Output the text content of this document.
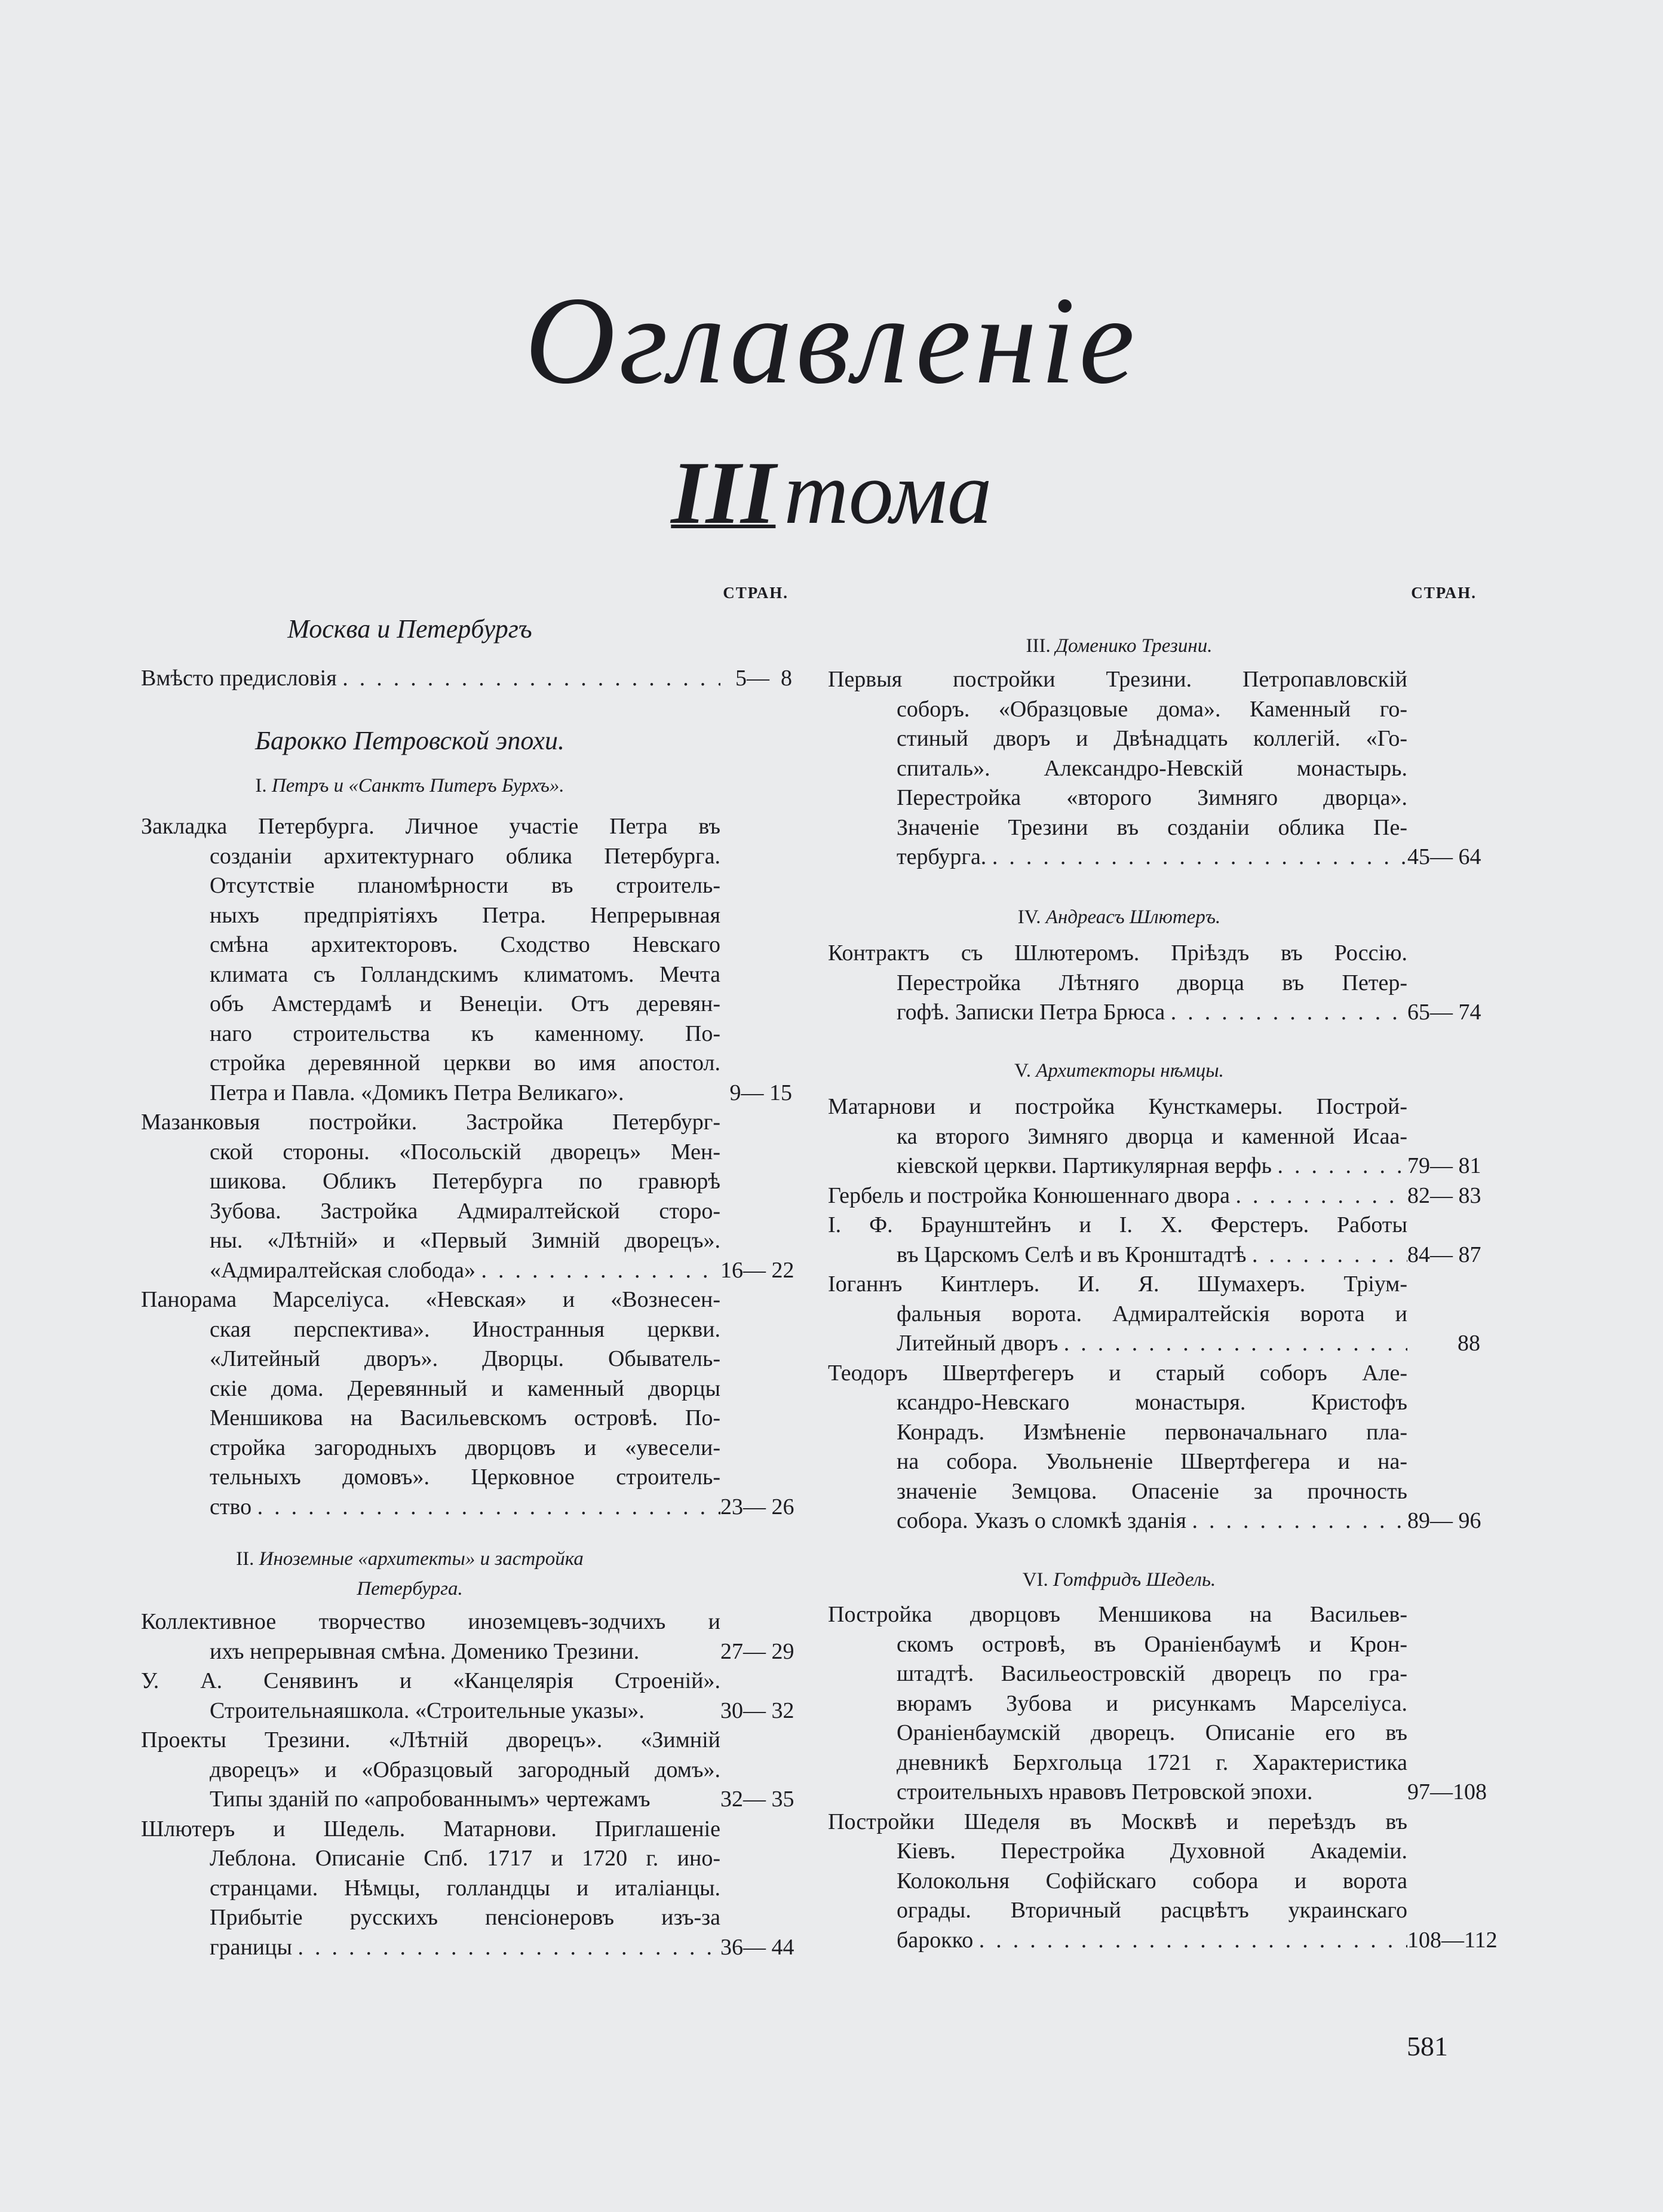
Оглавленіе
IIIтома
СТРАН.
Москва и Петербургъ
Вмѣсто предисловія	5—  8
Барокко Петровской эпохи.
I. Петръ и «Санктъ Питеръ Бурхъ».
Закладка Петербурга. Личное участіе Петра въ
созданіи архитектурнаго облика Петербурга.
Отсутствіе планомѣрности въ строитель-
ныхъ предпріятіяхъ Петра. Непрерывная
смѣна архитекторовъ. Сходство Невскаго
климата съ Голландскимъ климатомъ. Мечта
объ Амстердамѣ и Венеціи. Отъ деревян-
наго строительства къ каменному. По-
стройка деревянной церкви во имя апостол.
Петра и Павла. «Домикъ Петра Великаго».	9— 15
Мазанковыя постройки. Застройка Петербург-
ской стороны. «Посольскій дворецъ» Мен-
шикова. Обликъ Петербурга по гравюрѣ
Зубова. Застройка Адмиралтейской сторо-
ны. «Лѣтній» и «Первый Зимній дворецъ».
«Адмиралтейская слобода»	16— 22
Панорама Марселіуса. «Невская» и «Вознесен-
ская перспектива». Иностранныя церкви.
«Литейный дворъ». Дворцы. Обыватель-
скіе дома. Деревянный и каменный дворцы
Меншикова на Васильевскомъ островѣ. По-
стройка загородныхъ дворцовъ и «увесели-
тельныхъ домовъ». Церковное строитель-
ство	23— 26
II. Иноземные «архитекты» и застройка
Петербурга.
Коллективное творчество иноземцевъ-зодчихъ и
ихъ непрерывная смѣна. Доменико Трезини.	27— 29
У. А. Сенявинъ и «Канцелярія Строеній».
Строительнаяшкола. «Строительные указы».	30— 32
Проекты Трезини. «Лѣтній дворецъ». «Зимній
дворецъ» и «Образцовый загородный домъ».
Типы зданій по «апробованнымъ» чертежамъ	32— 35
Шлютеръ и Шедель. Матарнови. Приглашеніе
Леблона. Описаніе Спб. 1717 и 1720 г. ино-
странцами. Нѣмцы, голландцы и италіанцы.
Прибытіе русскихъ пенсіонеровъ изъ-за
границы	36— 44
СТРАН.
III. Доменико Трезини.
Первыя постройки Трезини. Петропавловскій
соборъ. «Образцовые дома». Каменный го-
стиный дворъ и Двѣнадцать коллегій. «Го-
спиталь». Александро-Невскій монастырь.
Перестройка «второго Зимняго дворца».
Значеніе Трезини въ созданіи облика Пе-
тербурга.	45— 64
IV. Андреасъ Шлютеръ.
Контрактъ съ Шлютеромъ. Пріѣздъ въ Россію.
Перестройка Лѣтняго дворца въ Петер-
гофѣ. Записки Петра Брюса	65— 74
V. Архитекторы нѣмцы.
Матарнови и постройка Кунсткамеры. Построй-
ка второго Зимняго дворца и каменной Исаа-
кіевской церкви. Партикулярная верфь	79— 81
Гербель и постройка Конюшеннаго двора	82— 83
І. Ф. Браунштейнъ и І. Х. Ферстеръ. Работы
въ Царскомъ Селѣ и въ Кронштадтѣ	84— 87
Іоганнъ Кинтлеръ. И. Я. Шумахеръ. Тріум-
фальныя ворота. Адмиралтейскія ворота и
Литейный дворъ	88
Теодоръ Швертфегеръ и старый соборъ Але-
ксандро-Невскаго монастыря. Кристофъ
Конрадъ. Измѣненіе первоначальнаго пла-
на собора. Увольненіе Швертфегера и на-
значеніе Земцова. Опасеніе за прочность
собора. Указъ о сломкѣ зданія	89— 96
VI. Готфридъ Шедель.
Постройка дворцовъ Меншикова на Васильев-
скомъ островѣ, въ Ораніенбаумѣ и Крон-
штадтѣ. Васильеостровскій дворецъ по гра-
вюрамъ Зубова и рисункамъ Марселіуса.
Ораніенбаумскій дворецъ. Описаніе его въ
дневникѣ Берхгольца 1721 г. Характеристика
строительныхъ нравовъ Петровской эпохи.	97—108
Постройки Шеделя въ Москвѣ и переѣздъ въ
Кіевъ. Перестройка Духовной Академіи.
Колокольня Софійскаго собора и ворота
ограды. Вторичный расцвѣтъ украинскаго
барокко	108—112
581
